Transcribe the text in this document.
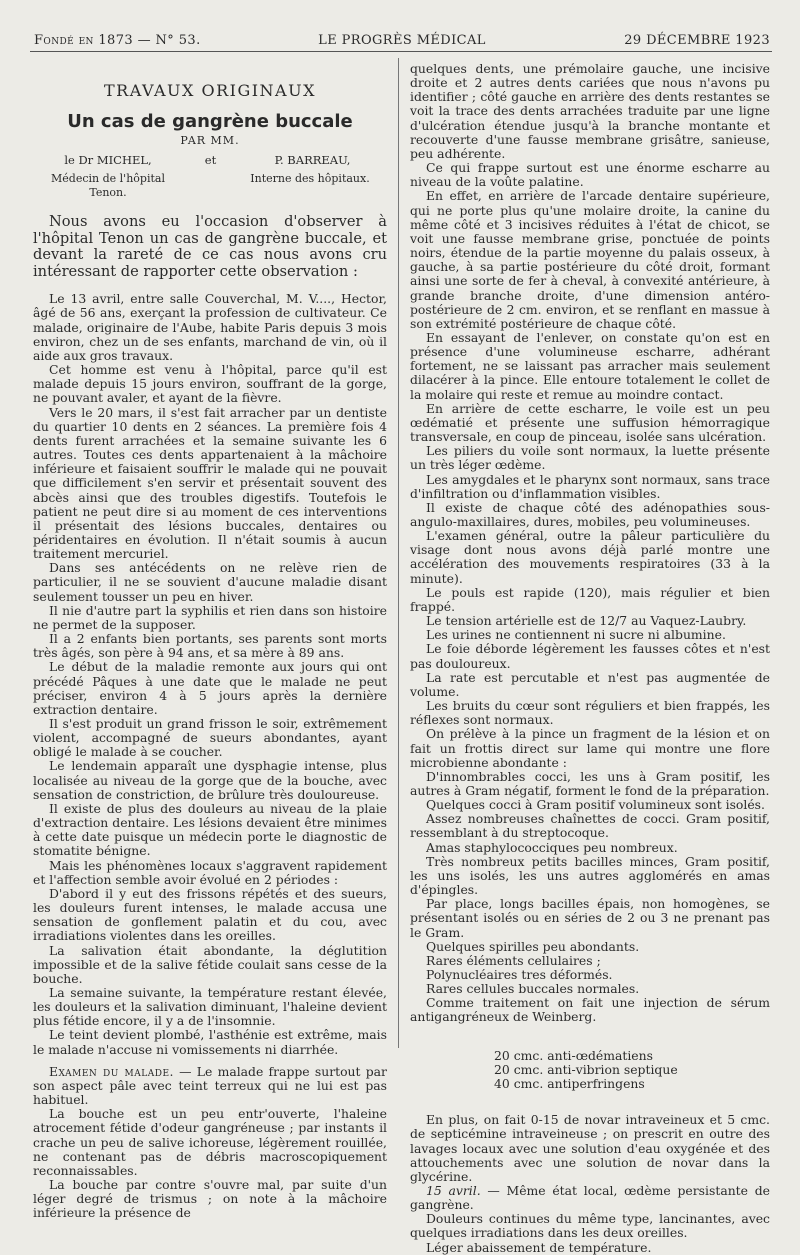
Fondé en 1873 — N° 53.	LE PROGRÈS MÉDICAL	29 DÉCEMBRE 1923
TRAVAUX ORIGINAUX
Un cas de gangrène buccale
PAR MM.
le Dr MICHEL,	et	P. BARREAU,
Médecin de l'hôpital Tenon.
Interne des hôpitaux.

Nous avons eu l'occasion d'observer à l'hôpital Tenon un cas de gangrène buccale, et devant la rareté de ce cas nous avons cru intéressant de rapporter cette observation :

Le 13 avril, entre salle Couverchal, M. V...., Hector, âgé de 56 ans, exerçant la profession de cultivateur. Ce malade, originaire de l'Aube, habite Paris depuis 3 mois environ, chez un de ses enfants, marchand de vin, où il aide aux gros travaux.

Cet homme est venu à l'hôpital, parce qu'il est malade depuis 15 jours environ, souffrant de la gorge, ne pouvant avaler, et ayant de la fièvre.

Vers le 20 mars, il s'est fait arracher par un dentiste du quartier 10 dents en 2 séances. La première fois 4 dents furent arrachées et la semaine suivante les 6 autres. Toutes ces dents appartenaient à la mâchoire inférieure et faisaient souffrir le malade qui ne pouvait que difficilement s'en servir et présentait souvent des abcès ainsi que des troubles digestifs. Toutefois le patient ne peut dire si au moment de ces interventions il présentait des lésions buccales, dentaires ou péridentaires en évolution. Il n'était soumis à aucun traitement mercuriel.

Dans ses antécédents on ne relève rien de particulier, il ne se souvient d'aucune maladie disant seulement tousser un peu en hiver.

Il nie d'autre part la syphilis et rien dans son histoire ne permet de la supposer.

Il a 2 enfants bien portants, ses parents sont morts très âgés, son père à 94 ans, et sa mère à 89 ans.

Le début de la maladie remonte aux jours qui ont précédé Pâques à une date que le malade ne peut préciser, environ 4 à 5 jours après la dernière extraction dentaire.

Il s'est produit un grand frisson le soir, extrêmement violent, accompagné de sueurs abondantes, ayant obligé le malade à se coucher.

Le lendemain apparaît une dysphagie intense, plus localisée au niveau de la gorge que de la bouche, avec sensation de constriction, de brûlure très douloureuse.

Il existe de plus des douleurs au niveau de la plaie d'extraction dentaire. Les lésions devaient être minimes à cette date puisque un médecin porte le diagnostic de stomatite bénigne.

Mais les phénomènes locaux s'aggravent rapidement et l'affection semble avoir évolué en 2 périodes :

D'abord il y eut des frissons répétés et des sueurs, les douleurs furent intenses, le malade accusa une sensation de gonflement palatin et du cou, avec irradiations violentes dans les oreilles.

La salivation était abondante, la déglutition impossible et de la salive fétide coulait sans cesse de la bouche.

La semaine suivante, la température restant élevée, les douleurs et la salivation diminuant, l'haleine devient plus fétide encore, il y a de l'insomnie.

Le teint devient plombé, l'asthénie est extrême, mais le malade n'accuse ni vomissements ni diarrhée.

Examen du malade. — Le malade frappe surtout par son aspect pâle avec teint terreux qui ne lui est pas habituel.

La bouche est un peu entr'ouverte, l'haleine atrocement fétide d'odeur gangréneuse ; par instants il crache un peu de salive ichoreuse, légèrement rouillée, ne contenant pas de débris macroscopiquement reconnaissables.

La bouche par contre s'ouvre mal, par suite d'un léger degré de trismus ; on note à la mâchoire inférieure la présence de

quelques dents, une prémolaire gauche, une incisive droite et 2 autres dents cariées que nous n'avons pu identifier ; côté gauche en arrière des dents restantes se voit la trace des dents arrachées traduite par une ligne d'ulcération étendue jusqu'à la branche montante et recouverte d'une fausse membrane grisâtre, sanieuse, peu adhérente.

Ce qui frappe surtout est une énorme escharre au niveau de la voûte palatine.

En effet, en arrière de l'arcade dentaire supérieure, qui ne porte plus qu'une molaire droite, la canine du même côté et 3 incisives réduites à l'état de chicot, se voit une fausse membrane grise, ponctuée de points noirs, étendue de la partie moyenne du palais osseux, à gauche, à sa partie postérieure du côté droit, formant ainsi une sorte de fer à cheval, à convexité antérieure, à grande branche droite, d'une dimension antéro-postérieure de 2 cm. environ, et se renflant en massue à son extrémité postérieure de chaque côté.

En essayant de l'enlever, on constate qu'on est en présence d'une volumineuse escharre, adhérant fortement, ne se laissant pas arracher mais seulement dilacérer à la pince. Elle entoure totalement le collet de la molaire qui reste et remue au moindre contact.

En arrière de cette escharre, le voile est un peu œdématié et présente une suffusion hémorragique transversale, en coup de pinceau, isolée sans ulcération.

Les piliers du voile sont normaux, la luette présente un très léger œdème.

Les amygdales et le pharynx sont normaux, sans trace d'infiltration ou d'inflammation visibles.

Il existe de chaque côté des adénopathies sous-angulo-maxillaires, dures, mobiles, peu volumineuses.

L'examen général, outre la pâleur particulière du visage dont nous avons déjà parlé montre une accélération des mouvements respiratoires (33 à la minute).

Le pouls est rapide (120), mais régulier et bien frappé.

Le tension artérielle est de 12/7 au Vaquez-Laubry.

Les urines ne contiennent ni sucre ni albumine.

Le foie déborde légèrement les fausses côtes et n'est pas douloureux.

La rate est percutable et n'est pas augmentée de volume.

Les bruits du cœur sont réguliers et bien frappés, les réflexes sont normaux.

On prélève à la pince un fragment de la lésion et on fait un frottis direct sur lame qui montre une flore microbienne abondante :

D'innombrables cocci, les uns à Gram positif, les autres à Gram négatif, forment le fond de la préparation.

Quelques cocci à Gram positif volumineux sont isolés.

Assez nombreuses chaînettes de cocci. Gram positif, ressemblant à du streptocoque.

Amas staphylococciques peu nombreux.

Très nombreux petits bacilles minces, Gram positif, les uns isolés, les uns autres agglomérés en amas d'épingles.

Par place, longs bacilles épais, non homogènes, se présentant isolés ou en séries de 2 ou 3 ne prenant pas le Gram.

Quelques spirilles peu abondants.

Rares éléments cellulaires ;

Polynucléaires tres déformés.

Rares cellules buccales normales.

Comme traitement on fait une injection de sérum antigangréneux de Weinberg.

20 cmc. anti-œdématiens
20 cmc. anti-vibrion septique
40 cmc. antiperfringens

En plus, on fait 0-15 de novar intraveineux et 5 cmc. de septicémine intraveineuse ; on prescrit en outre des lavages locaux avec une solution d'eau oxygénée et des attouchements avec une solution de novar dans la glycérine.

15 avril. — Même état local, œdème persistante de gangrène.

Douleurs continues du même type, lancinantes, avec quelques irradiations dans les deux oreilles.

Léger abaissement de température.
